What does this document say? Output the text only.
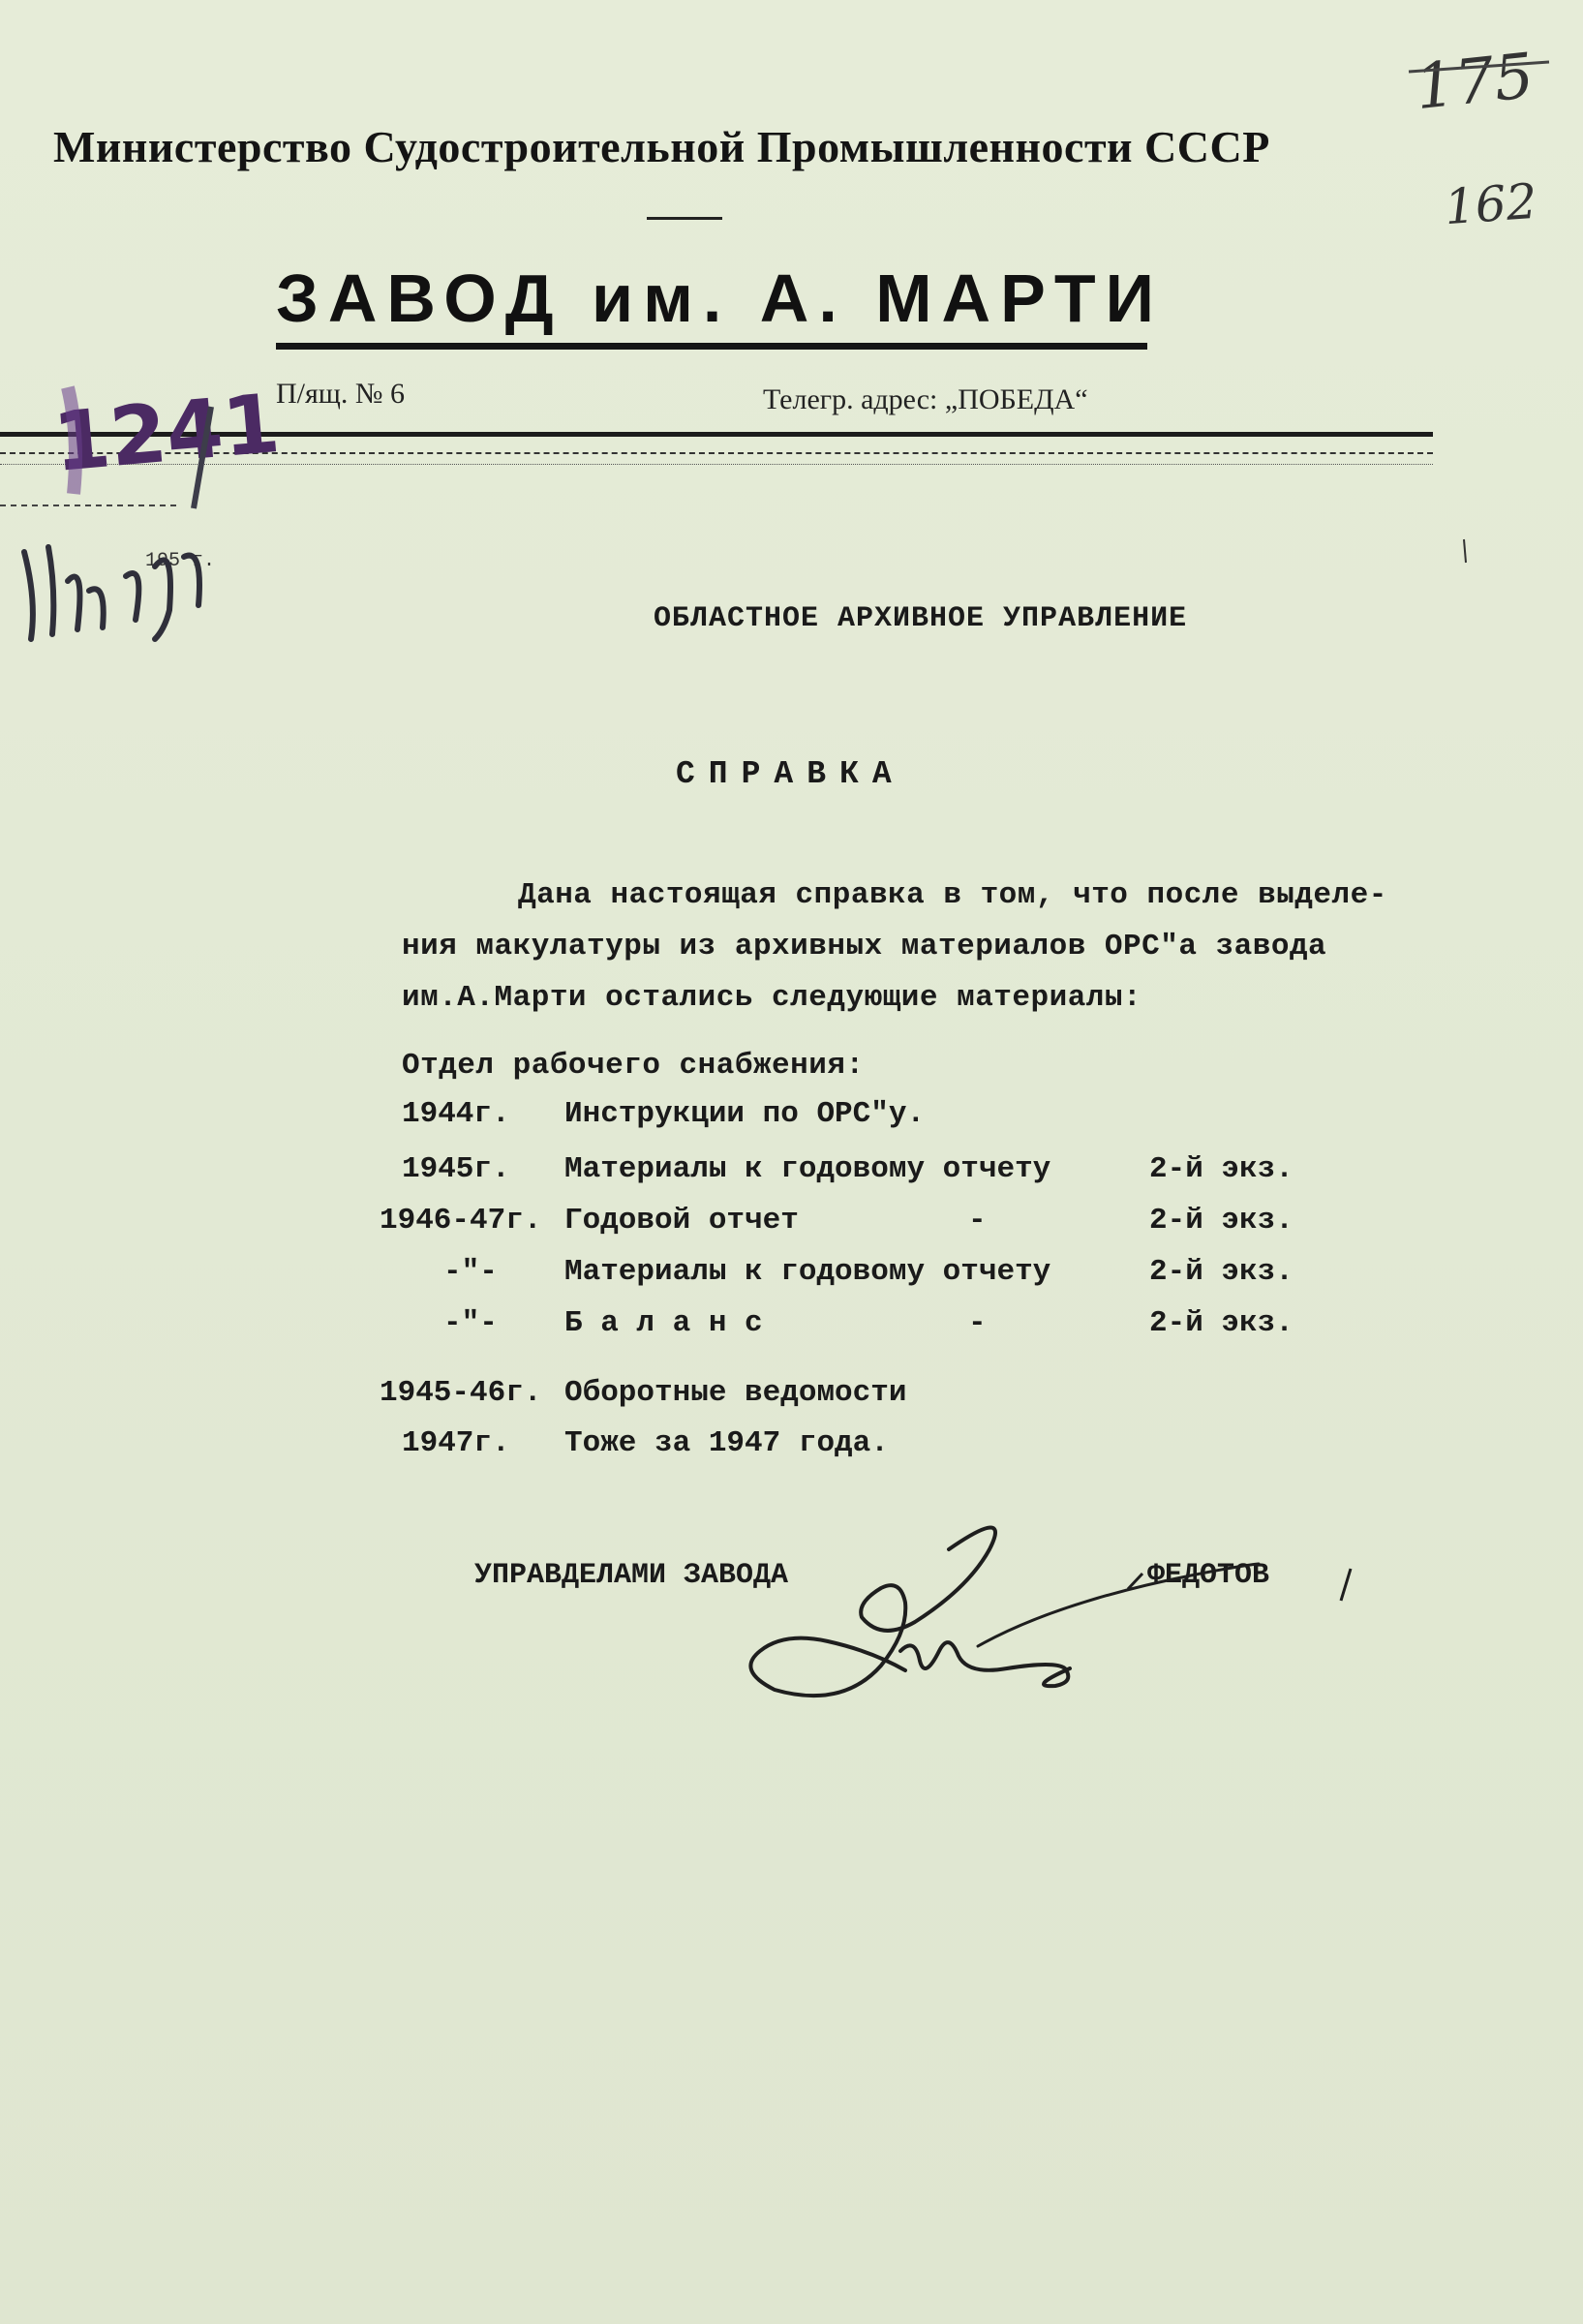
Министерство Судостроительной Промышленности СССР
ЗАВОД им. А. МАРТИ
П/ящ. № 6	Телегр. адрес: „ПОБЕДА“
175
162
1241
195 г.
ОБЛАСТНОЕ АРХИВНОЕ УПРАВЛЕНИЕ
СПРАВКА
Дана настоящая справка в том, что после выделе-
ния макулатуры из архивных материалов ОРС"а завода
им.А.Марти остались следующие материалы:
Отдел рабочего снабжения:
1944г. Инструкции по ОРС"у.
1945г. Материалы к годовому отчету	2-й экз.
1946-47г. Годовой отчет	-	2-й экз.
-"- Материалы к годовому отчету	2-й экз.
-"- Б а л а н с	-	2-й экз.
1945-46г. Оборотные ведомости
1947г. Тоже за 1947 года.
УПРАВДЕЛАМИ ЗАВОДА	ФЕДОТОВ
